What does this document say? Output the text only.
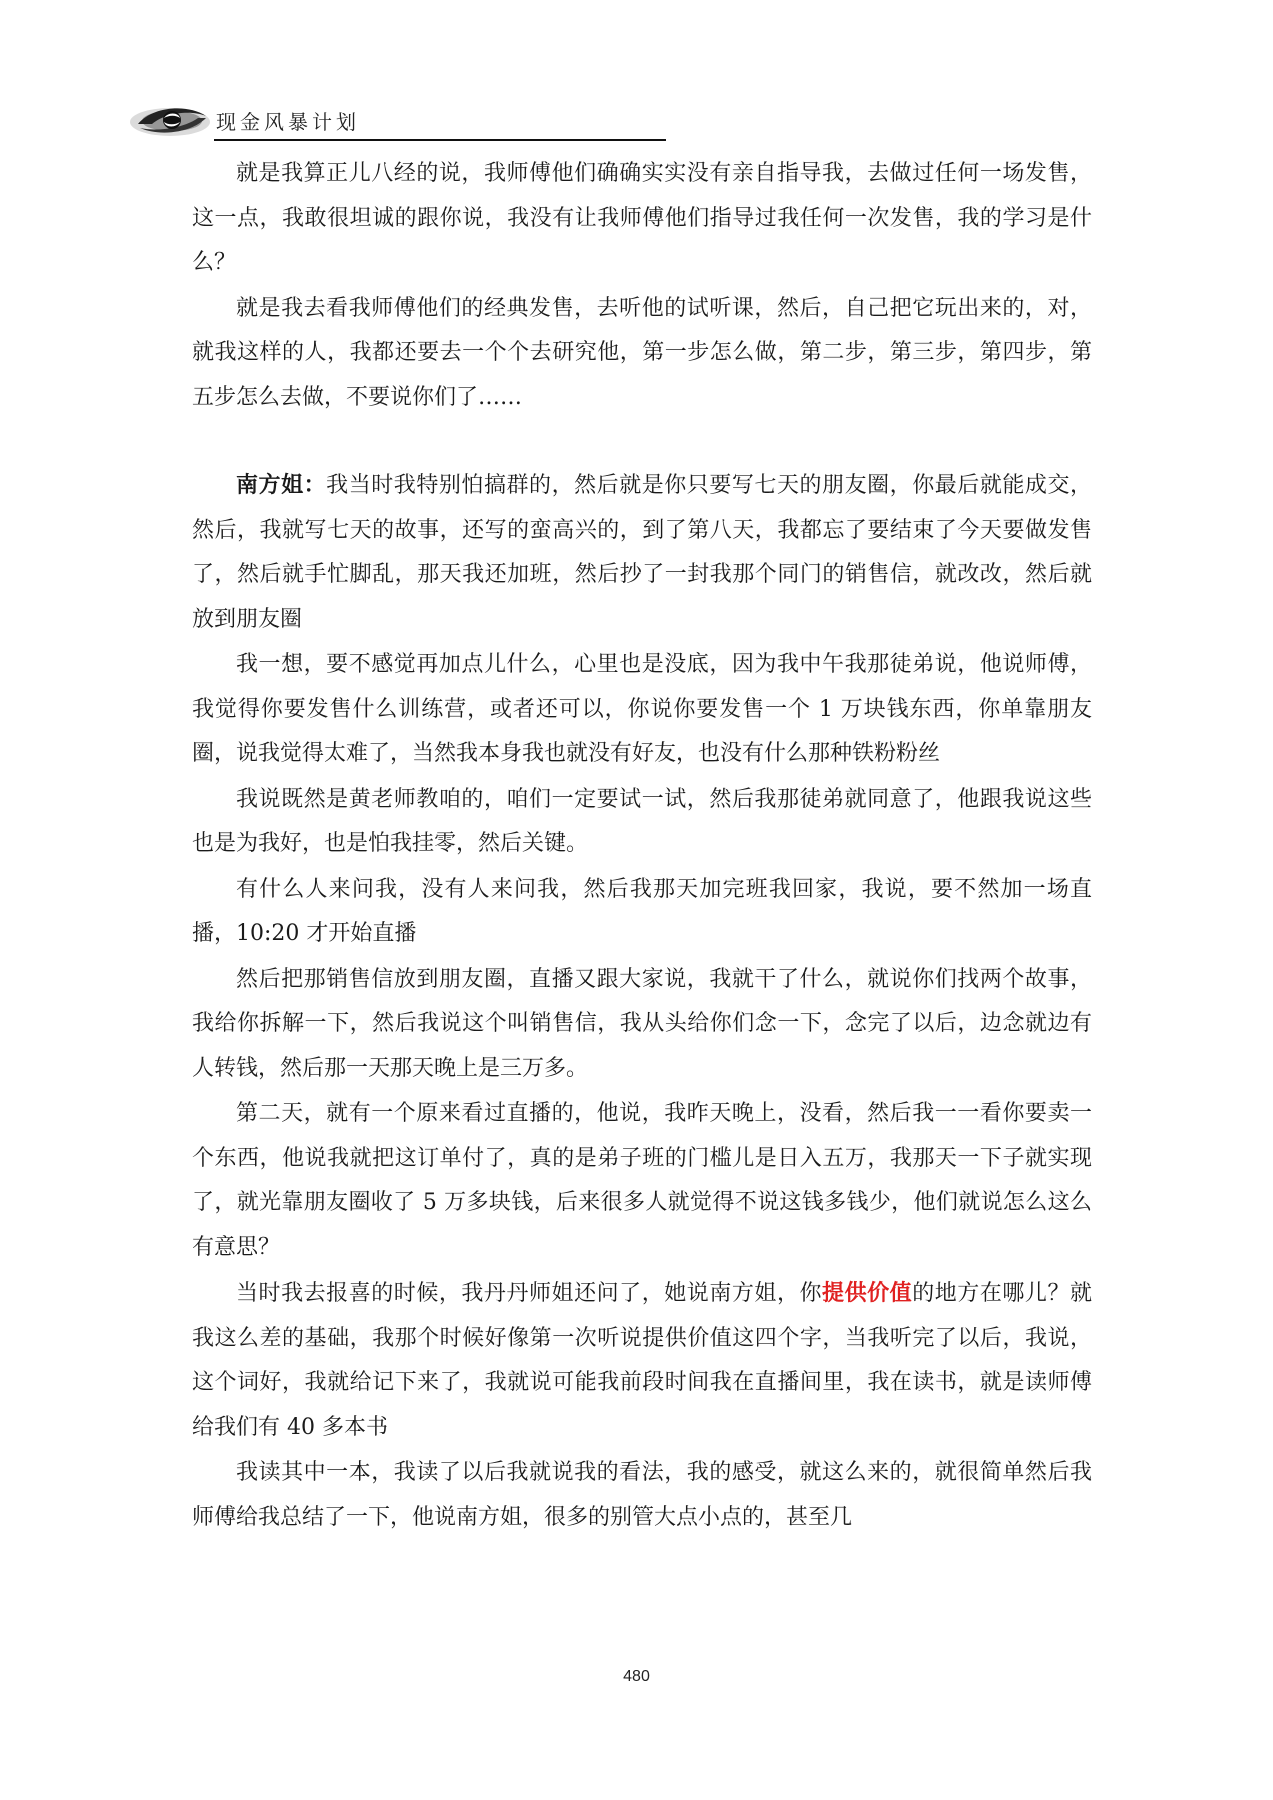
现金风暴计划

就是我算正儿八经的说，我师傅他们确确实实没有亲自指导我，去做过任何一场发售，这一点，我敢很坦诚的跟你说，我没有让我师傅他们指导过我任何一次发售，我的学习是什么？

就是我去看我师傅他们的经典发售，去听他的试听课，然后，自己把它玩出来的，对，就我这样的人，我都还要去一个个去研究他，第一步怎么做，第二步，第三步，第四步，第五步怎么去做，不要说你们了……

南方姐：我当时我特别怕搞群的，然后就是你只要写七天的朋友圈，你最后就能成交，然后，我就写七天的故事，还写的蛮高兴的，到了第八天，我都忘了要结束了今天要做发售了，然后就手忙脚乱，那天我还加班，然后抄了一封我那个同门的销售信，就改改，然后就放到朋友圈

我一想，要不感觉再加点儿什么，心里也是没底，因为我中午我那徒弟说，他说师傅，我觉得你要发售什么训练营，或者还可以，你说你要发售一个 1 万块钱东西，你单靠朋友圈，说我觉得太难了，当然我本身我也就没有好友，也没有什么那种铁粉粉丝

我说既然是黄老师教咱的，咱们一定要试一试，然后我那徒弟就同意了，他跟我说这些也是为我好，也是怕我挂零，然后关键。

有什么人来问我，没有人来问我，然后我那天加完班我回家，我说，要不然加一场直播，10:20 才开始直播

然后把那销售信放到朋友圈，直播又跟大家说，我就干了什么，就说你们找两个故事，我给你拆解一下，然后我说这个叫销售信，我从头给你们念一下，念完了以后，边念就边有人转钱，然后那一天那天晚上是三万多。

第二天，就有一个原来看过直播的，他说，我昨天晚上，没看，然后我一一看你要卖一个东西，他说我就把这订单付了，真的是弟子班的门槛儿是日入五万，我那天一下子就实现了，就光靠朋友圈收了 5 万多块钱，后来很多人就觉得不说这钱多钱少，他们就说怎么这么有意思？

当时我去报喜的时候，我丹丹师姐还问了，她说南方姐，你提供价值的地方在哪儿？就我这么差的基础，我那个时候好像第一次听说提供价值这四个字，当我听完了以后，我说，这个词好，我就给记下来了，我就说可能我前段时间我在直播间里，我在读书，就是读师傅给我们有 40 多本书

我读其中一本，我读了以后我就说我的看法，我的感受，就这么来的，就很简单然后我师傅给我总结了一下，他说南方姐，很多的别管大点小点的，甚至几

480
